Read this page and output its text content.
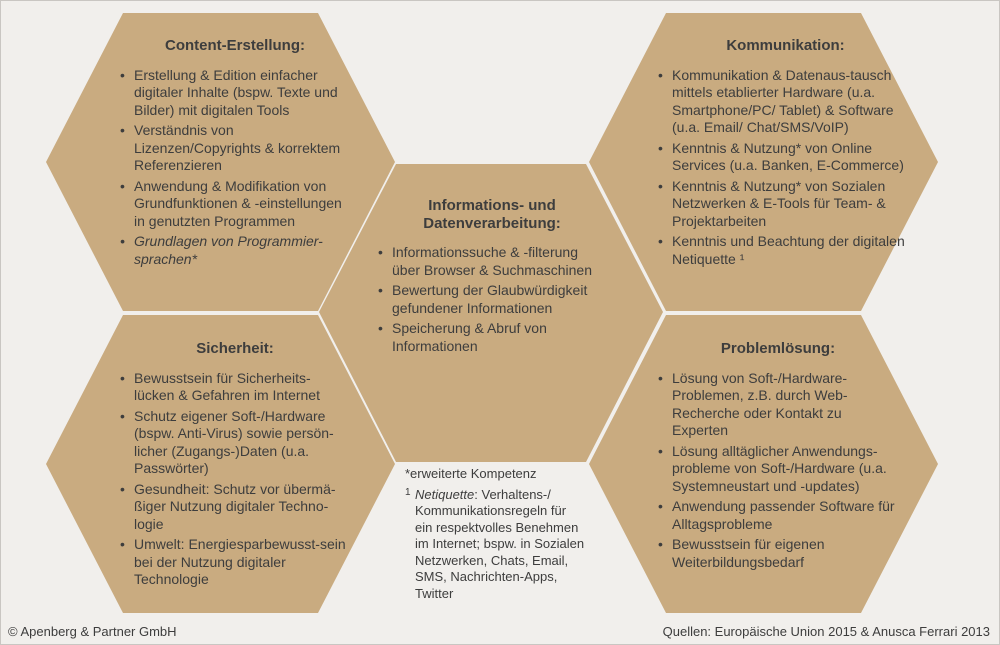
Content-Erstellung:

• Erstellung & Edition einfacher digitaler Inhalte (bspw. Texte und Bilder) mit digitalen Tools
• Verständnis von Lizenzen/Copyrights & korrektem Referenzieren
• Anwendung & Modifikation von Grundfunktionen & -einstellungen in genutzten Programmen
• Grundlagen von Programmier-sprachen*

Kommunikation:

• Kommunikation & Datenaus-tausch mittels etablierter Hardware (u.a. Smartphone/PC/ Tablet) & Software (u.a. Email/ Chat/SMS/VoIP)
• Kenntnis & Nutzung* von Online Services (u.a. Banken, E-Commerce)
• Kenntnis & Nutzung* von Sozialen Netzwerken & E-Tools für Team- & Projektarbeiten
• Kenntnis und Beachtung der digitalen Netiquette ¹

Informations- und Datenverarbeitung:

• Informationssuche & -filterung über Browser & Suchmaschinen
• Bewertung der Glaubwürdigkeit gefundener Informationen
• Speicherung & Abruf von Informationen

Sicherheit:

• Bewusstsein für Sicherheits-lücken & Gefahren im Internet
• Schutz eigener Soft-/Hardware (bspw. Anti-Virus) sowie persön-licher (Zugangs-)Daten (u.a. Passwörter)
• Gesundheit: Schutz vor übermä-ßiger Nutzung digitaler Techno-logie
• Umwelt: Energiesparbewusst-sein bei der Nutzung digitaler Technologie

Problemlösung:

• Lösung von Soft-/Hardware-Problemen, z.B. durch Web-Recherche oder Kontakt zu Experten
• Lösung alltäglicher Anwendungs-probleme von Soft-/Hardware (u.a. Systemneustart und -updates)
• Anwendung passender Software für Alltagsprobleme
• Bewusstsein für eigenen Weiterbildungsbedarf
*erweiterte Kompetenz
1 Netiquette: Verhaltens-/ Kommunikationsregeln für ein respektvolles Benehmen im Internet; bspw. in Sozialen Netzwerken, Chats, Email, SMS, Nachrichten-Apps, Twitter
© Apenberg & Partner GmbH	Quellen: Europäische Union 2015 & Anusca Ferrari 2013
